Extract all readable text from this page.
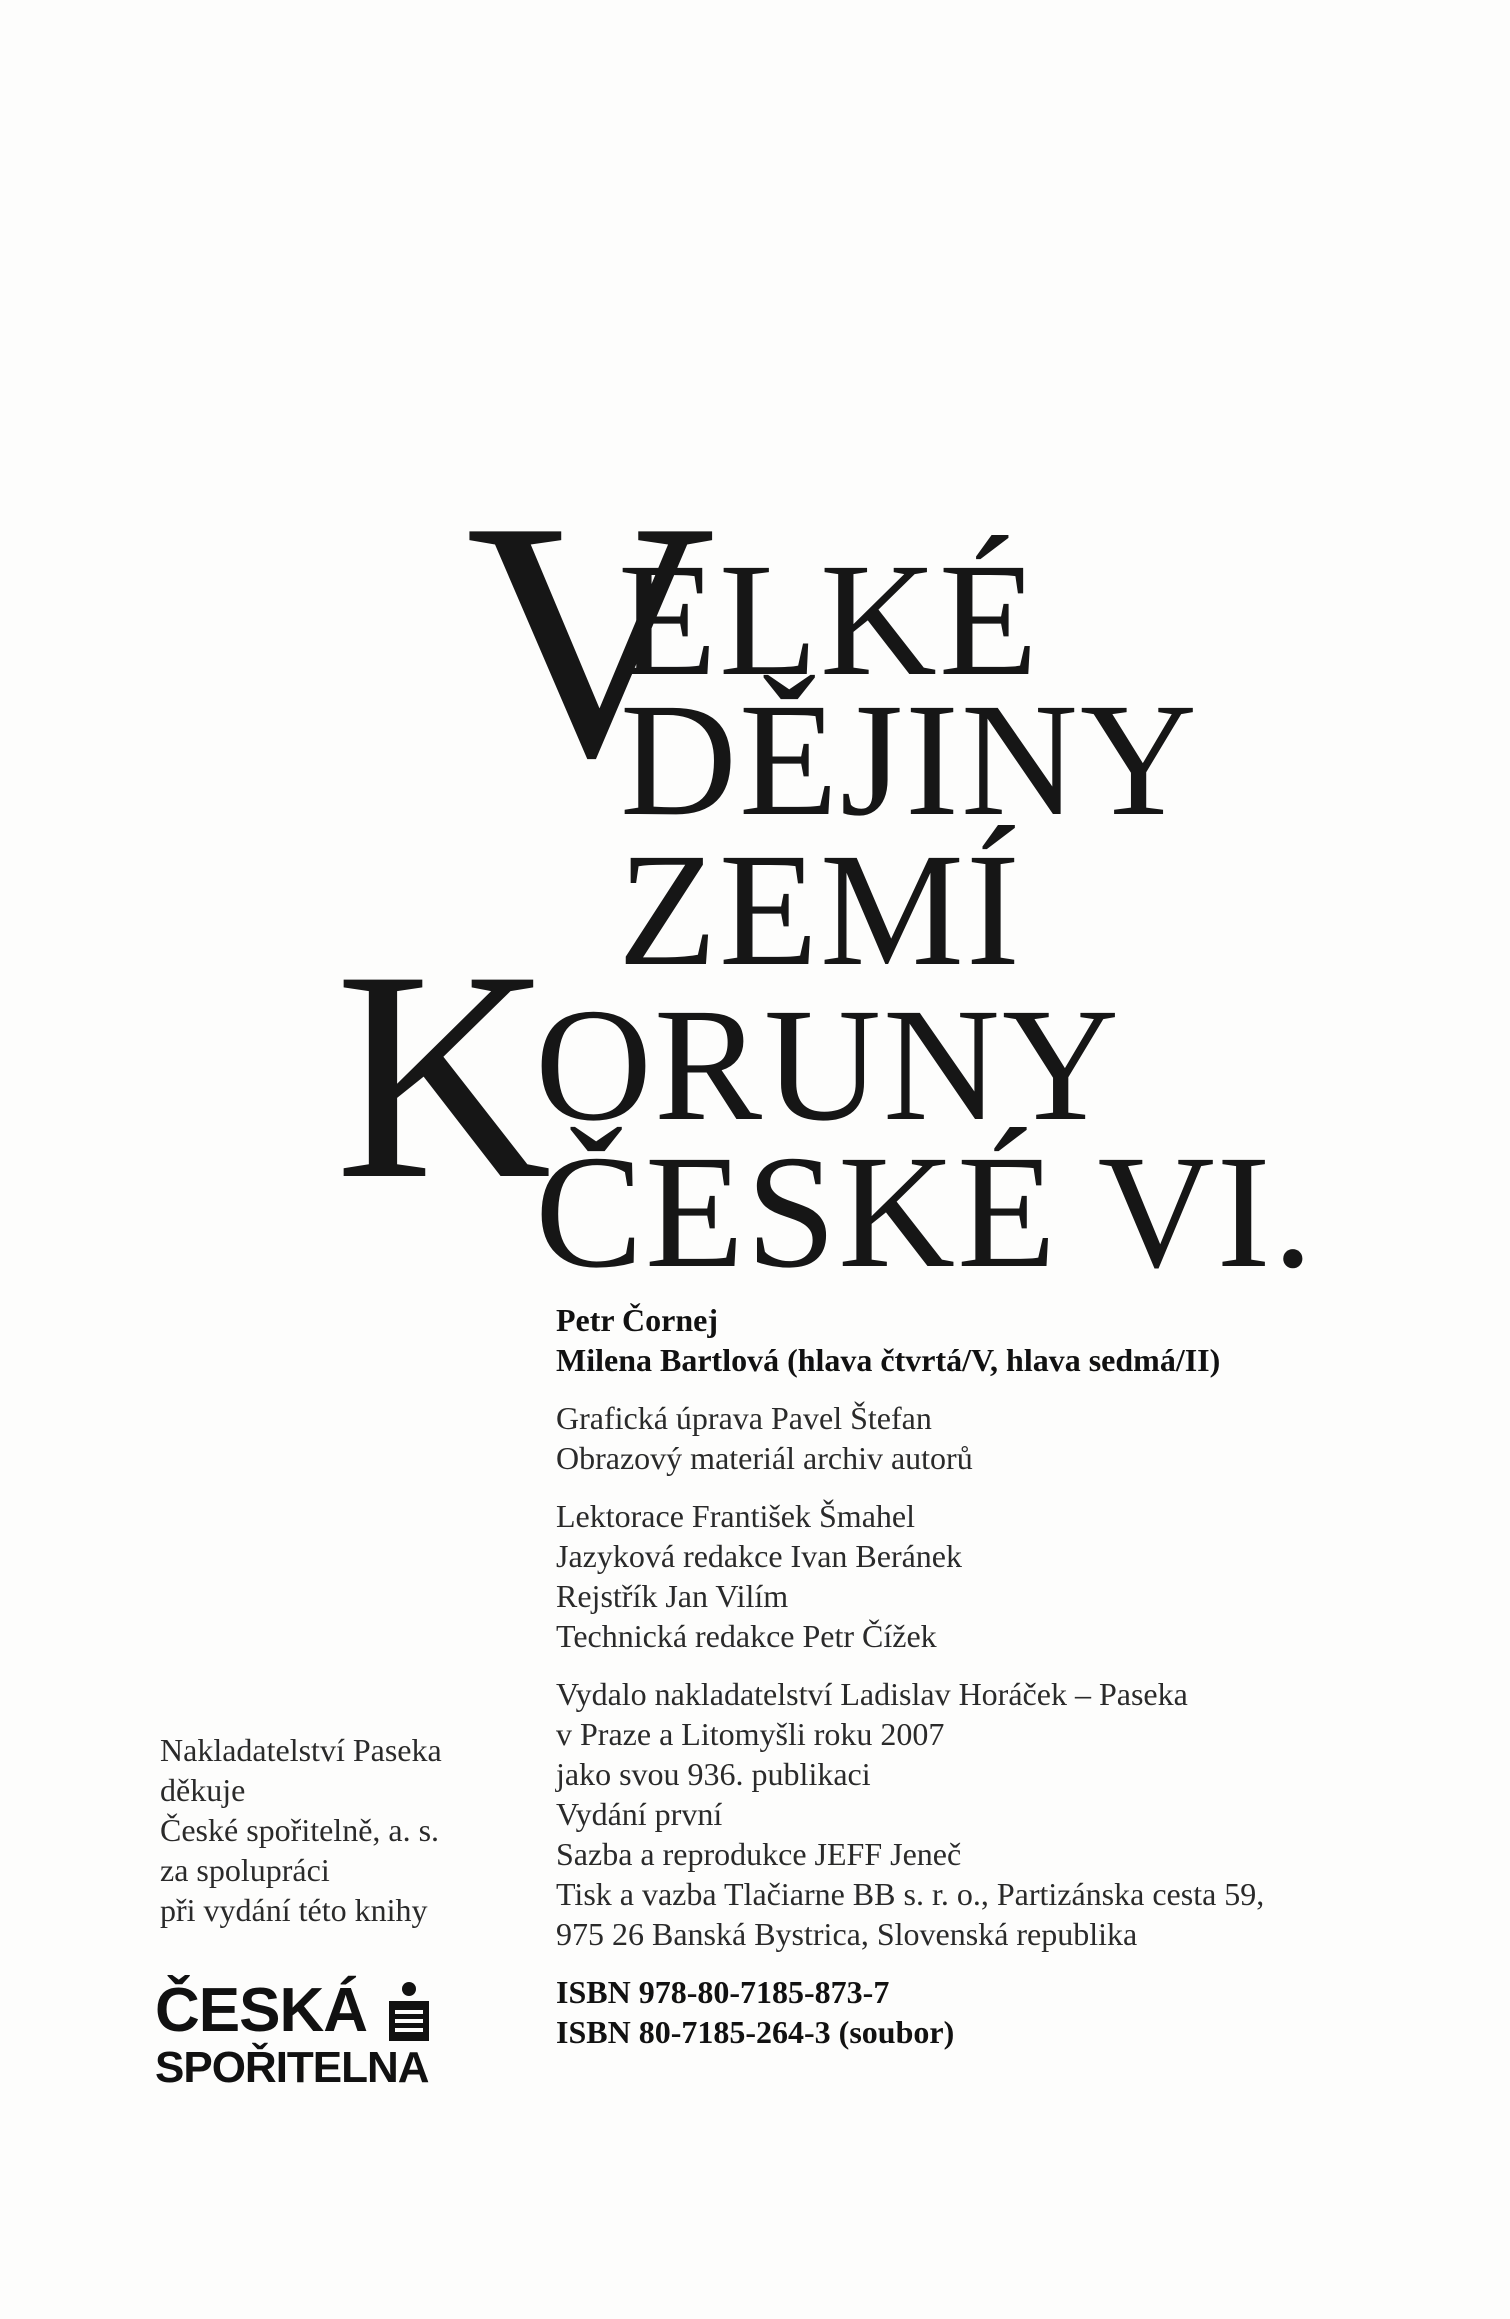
V
ELKÉ
DĚJINY
ZEMÍ
K
ORUNY
ČESKÉ VI.
Petr Čornej
Milena Bartlová (hlava čtvrtá/V, hlava sedmá/II)
Grafická úprava Pavel Štefan
Obrazový materiál archiv autorů
Lektorace František Šmahel
Jazyková redakce Ivan Beránek
Rejstřík Jan Vilím
Technická redakce Petr Čížek
Vydalo nakladatelství Ladislav Horáček – Paseka
v Praze a Litomyšli roku 2007
jako svou 936. publikaci
Vydání první
Sazba a reprodukce JEFF Jeneč
Tisk a vazba Tlačiarne BB s. r. o., Partizánska cesta 59,
975 26 Banská Bystrica, Slovenská republika
ISBN 978-80-7185-873-7
ISBN 80-7185-264-3 (soubor)
Nakladatelství Paseka
děkuje
České spořitelně, a. s.
za spolupráci
při vydání této knihy
ČESKÁ
SPOŘITELNA
